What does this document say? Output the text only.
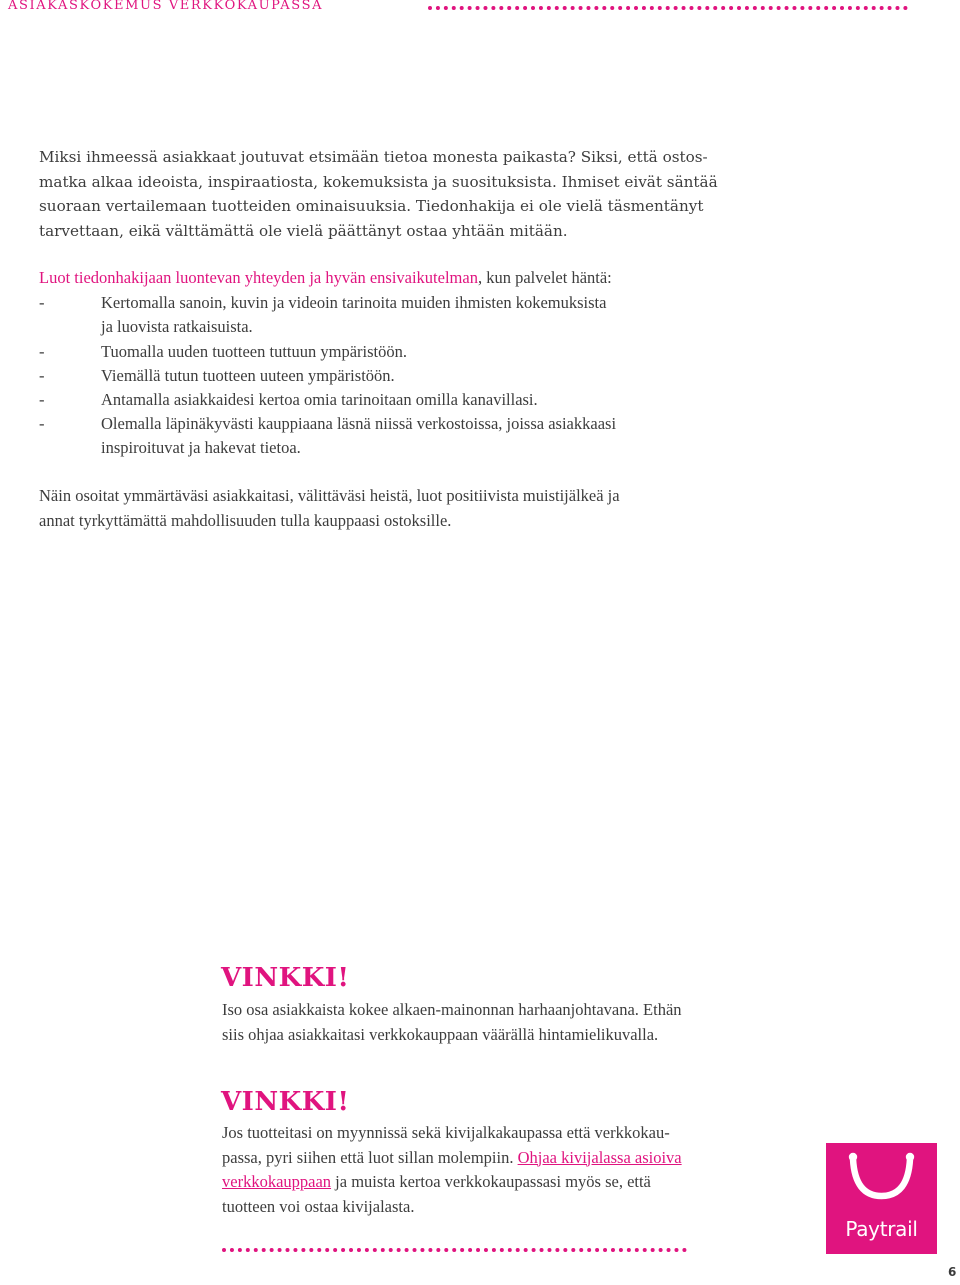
ASIAKASKOKEMUS VERKKOKAUPASSA
Miksi ihmeessä asiakkaat joutuvat etsimään tietoa monesta paikasta? Siksi, että ostos-
matka alkaa ideoista, inspiraatiosta, kokemuksista ja suosituksista. Ihmiset eivät säntää
suoraan vertailemaan tuotteiden ominaisuuksia. Tiedonhakija ei ole vielä täsmentänyt
tarvettaan, eikä välttämättä ole vielä päättänyt ostaa yhtään mitään.
Luot tiedonhakijaan luontevan yhteyden ja hyvän ensivaikutelman, kun palvelet häntä:
-	Kertomalla sanoin, kuvin ja videoin tarinoita muiden ihmisten kokemuksista
ja luovista ratkaisuista.
-	Tuomalla uuden tuotteen tuttuun ympäristöön.
-	Viemällä tutun tuotteen uuteen ympäristöön.
-	Antamalla asiakkaidesi kertoa omia tarinoitaan omilla kanavillasi.
-	Olemalla läpinäkyvästi kauppiaana läsnä niissä verkostoissa, joissa asiakkaasi
inspiroituvat ja hakevat tietoa.
Näin osoitat ymmärtäväsi asiakkaitasi, välittäväsi heistä, luot positiivista muistijälkeä ja
annat tyrkyttämättä mahdollisuuden tulla kauppaasi ostoksille.
VINKKI!
Iso osa asiakkaista kokee alkaen-mainonnan harhaanjohtavana. Ethän
siis ohjaa asiakkaitasi verkkokauppaan väärällä hintamielikuvalla.
VINKKI!
Jos tuotteitasi on myynnissä sekä kivijalkakaupassa että verkkokau-
passa, pyri siihen että luot sillan molempiin. Ohjaa kivijalassa asioiva
verkkokauppaan ja muista kertoa verkkokaupassasi myös se, että
tuotteen voi ostaa kivijalasta.
Paytrail
6
